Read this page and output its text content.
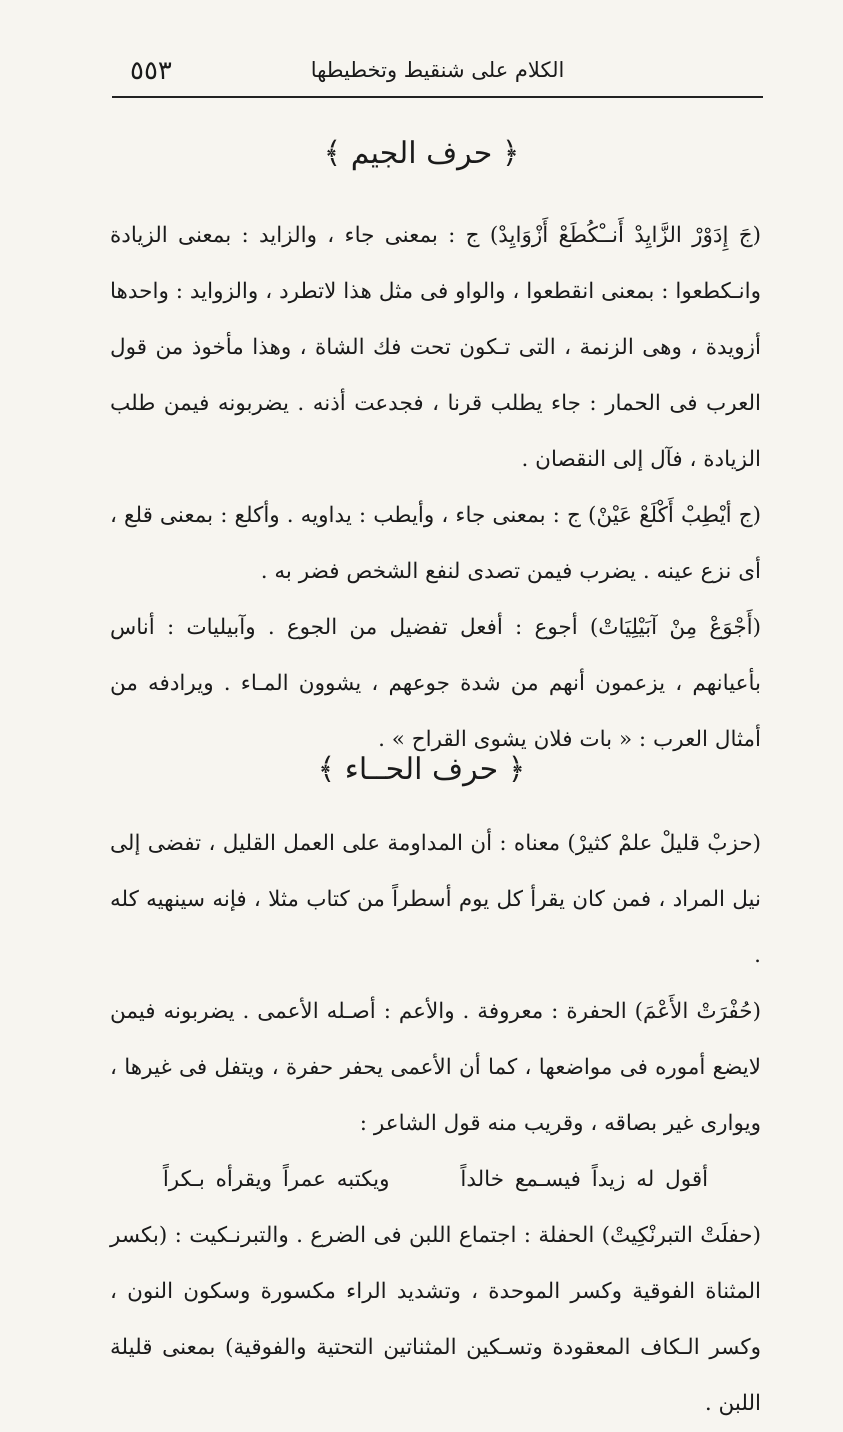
الكلام على شنقيط وتخطيطها
٥٥٣
﴿ حرف الجيم ﴾

(جَ إِدَوْرْ الزَّايِدْ أَنــْكُطَعْ أَزْوَايِدْ) ج : بمعنى جاء ، والزايد : بمعنى الزيادة وانـكطعوا : بمعنى انقطعوا ، والواو فى مثل هذا لاتطرد ، والزوايد : واحدها أزويدة ، وهى الزنمة ، التى تـكون تحت فك الشاة ، وهذا مأخوذ من قول العرب فى الحمار : جاء يطلب قرنا ، فجدعت أذنه . يضربونه فيمن طلب الزيادة ، فآل إلى النقصان .

(ج أيْطِبْ أَكْلَعْ عَيْنْ) ج : بمعنى جاء ، وأيطب : يداويه . وأكلع : بمعنى قلع ، أى نزع عينه . يضرب فيمن تصدى لنفع الشخص فضر به .

(أَجْوَعْ مِنْ آبَيْلِيَاتْ) أجوع : أفعل تفضيل من الجوع . وآبيليات : أناس بأعيانهم ، يزعمون أنهم من شدة جوعهم ، يشوون المـاء . ويرادفه من أمثال العرب : « بات فلان يشوى القراح » .

﴿ حرف الحــاء ﴾

(حزبْ قليلْ علمْ كثيرْ) معناه : أن المداومة على العمل القليل ، تفضى إلى نيل المراد ، فمن كان يقرأ كل يوم أسطراً من كتاب مثلا ، فإنه سينهيه كله .

(حُفْرَتْ الأَعْمَ) الحفرة : معروفة . والأعم : أصـله الأعمى . يضربونه فيمن لايضع أموره فى مواضعها ، كما أن الأعمى يحفر حفرة ، ويتفل فى غيرها ، ويوارى غير بصاقه ، وقريب منه قول الشاعر :

أقول له زيداً فيسـمع خالداً ويكتبه عمراً ويقرأه بـكراً

(حفلَتْ التبرنْكِيتْ) الحفلة : اجتماع اللبن فى الضرع . والتبرنـكيت : (بكسر المثناة الفوقية وكسر الموحدة ، وتشديد الراء مكسورة وسكون النون ، وكسر الـكاف المعقودة وتسـكين المثناتين التحتية والفوقية) بمعنى قليلة اللبن .
